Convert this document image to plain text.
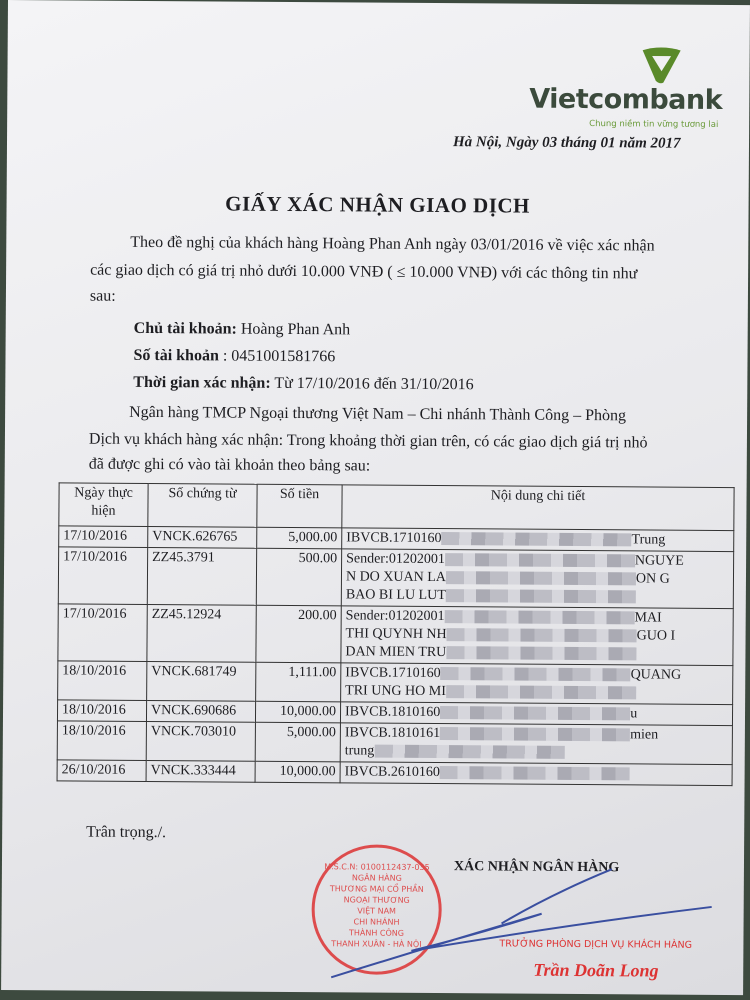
Vietcombank
Chung niềm tin vững tương lai
Hà Nội, Ngày 03 tháng 01 năm 2017
GIẤY XÁC NHẬN GIAO DỊCH
Theo đề nghị của khách hàng Hoàng Phan Anh ngày 03/01/2016 về việc xác nhận
các giao dịch có giá trị nhỏ dưới 10.000 VNĐ ( ≤ 10.000 VNĐ) với các thông tin như
sau:
Chủ tài khoản: Hoàng Phan Anh
Số tài khoản : 0451001581766
Thời gian xác nhận: Từ 17/10/2016 đến 31/10/2016
Ngân hàng TMCP Ngoại thương Việt Nam – Chi nhánh Thành Công – Phòng
Dịch vụ khách hàng xác nhận: Trong khoảng thời gian trên, có các giao dịch giá trị nhỏ
đã được ghi có vào tài khoản theo bảng sau:
Ngày thực hiện	Số chứng từ	Số tiền	Nội dung chi tiết
17/10/2016	VNCK.626765	5,000.00	IBVCB.1710160 Trung

17/10/2016	ZZ45.3791	500.00	Sender:01202001 NGUYE
N DO XUAN LA ON G
BAO BI LU LUT

17/10/2016	ZZ45.12924	200.00	Sender:01202001 MAI
THI QUYNH NH GUO I
DAN MIEN TRU

18/10/2016	VNCK.681749	1,111.00	IBVCB.1710160 QUANG
TRI UNG HO MI

18/10/2016	VNCK.690686	10,000.00	IBVCB.1810160 u

18/10/2016	VNCK.703010	5,000.00	IBVCB.1810161 mien
trung

26/10/2016	VNCK.333444	10,000.00	IBVCB.2610160
Trân trọng./.
M.S.C.N: 0100112437-035
NGÂN HÀNG
THƯƠNG MẠI CỔ PHẦN
NGOẠI THƯƠNG
VIỆT NAM
CHI NHÁNH
THÀNH CÔNG
THANH XUÂN - HÀ NỘI
XÁC NHẬN NGÂN HÀNG
TRƯỞNG PHÒNG DỊCH VỤ KHÁCH HÀNG
Trần Doãn Long
